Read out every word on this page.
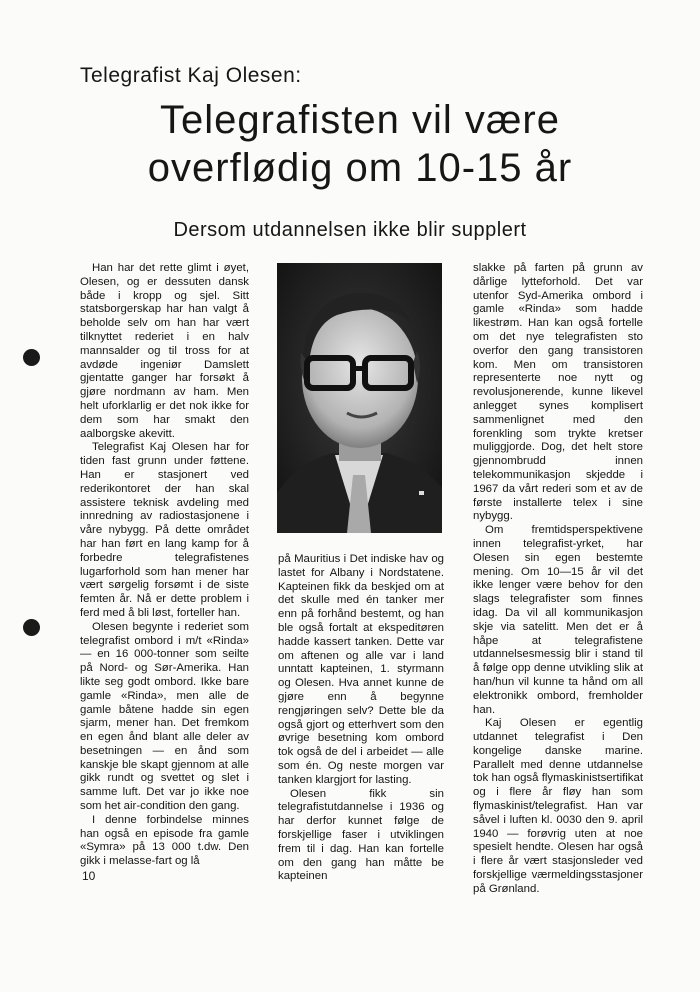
Telegrafist Kaj Olesen:
Telegrafisten vil være
overflødig om 10-15 år
Dersom utdannelsen ikke blir supplert

Han har det rette glimt i øyet, Olesen, og er dessuten dansk både i kropp og sjel. Sitt statsborgerskap har han valgt å beholde selv om han har vært tilknyttet rederiet i en halv mannsalder og til tross for at avdøde ingeniør Damslett gjentatte ganger har forsøkt å gjøre nordmann av ham. Men helt uforklarlig er det nok ikke for dem som har smakt den aalborgske akevitt.

Telegrafist Kaj Olesen har for tiden fast grunn under føttene. Han er stasjonert ved rederikontoret der han skal assistere teknisk avdeling med innredning av radiostasjonene i våre nybygg. På dette området har han ført en lang kamp for å forbedre telegrafistenes lugarforhold som han mener har vært sørgelig forsømt i de siste femten år. Nå er dette problem i ferd med å bli løst, forteller han.

Olesen begynte i rederiet som telegrafist ombord i m/t «Rinda» — en 16 000-tonner som seilte på Nord- og Sør-Amerika. Han likte seg godt ombord. Ikke bare gamle «Rinda», men alle de gamle båtene hadde sin egen sjarm, mener han. Det fremkom en egen ånd blant alle deler av besetningen — en ånd som kanskje ble skapt gjennom at alle gikk rundt og svettet og slet i samme luft. Det var jo ikke noe som het air-condition den gang.

I denne forbindelse minnes han også en episode fra gamle «Symra» på 13 000 t.dw. Den gikk i melasse-fart og lå

på Mauritius i Det indiske hav og lastet for Albany i Nordstatene. Kapteinen fikk da beskjed om at det skulle med én tanker mer enn på forhånd bestemt, og han ble også fortalt at ekspeditøren hadde kassert tanken. Dette var om aftenen og alle var i land unntatt kapteinen, 1. styrmann og Olesen. Hva annet kunne de gjøre enn å begynne rengjøringen selv? Dette ble da også gjort og etterhvert som den øvrige besetning kom ombord tok også de del i arbeidet — alle som én. Og neste morgen var tanken klargjort for lasting.

Olesen fikk sin telegrafistutdannelse i 1936 og har derfor kunnet følge de forskjellige faser i utviklingen frem til i dag. Han kan fortelle om den gang han måtte be kapteinen

slakke på farten på grunn av dårlige lytteforhold. Det var utenfor Syd-Amerika ombord i gamle «Rinda» som hadde likestrøm. Han kan også fortelle om det nye telegrafisten sto overfor den gang transistoren kom. Men om transistoren representerte noe nytt og revolusjonerende, kunne likevel anlegget synes komplisert sammenlignet med den forenkling som trykte kretser muliggjorde. Dog, det helt store gjennombrudd innen telekommunikasjon skjedde i 1967 da vårt rederi som et av de første installerte telex i sine nybygg.

Om fremtidsperspektivene innen telegrafist-yrket, har Olesen sin egen bestemte mening. Om 10—15 år vil det ikke lenger være behov for den slags telegrafister som finnes idag. Da vil all kommunikasjon skje via satelitt. Men det er å håpe at telegrafistene utdannelsesmessig blir i stand til å følge opp denne utvikling slik at han/hun vil kunne ta hånd om all elektronikk ombord, fremholder han.

Kaj Olesen er egentlig utdannet telegrafist i Den kongelige danske marine. Parallelt med denne utdannelse tok han også flymaskinistsertifikat og i flere år fløy han som flymaskinist/telegrafist. Han var såvel i luften kl. 0030 den 9. april 1940 — forøvrig uten at noe spesielt hendte. Olesen har også i flere år vært stasjonsleder ved forskjellige værmeldingsstasjoner på Grønland.

10
